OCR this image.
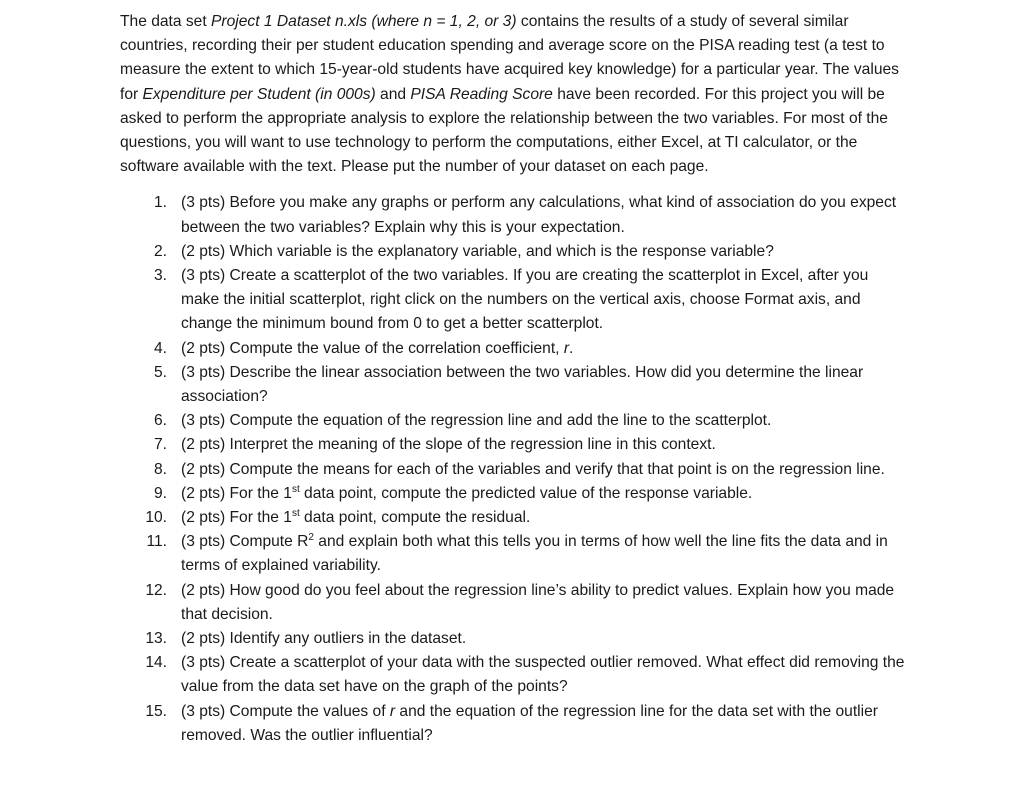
The data set Project 1 Dataset n.xls (where n = 1, 2, or 3) contains the results of a study of several similar countries, recording their per student education spending and average score on the PISA reading test (a test to measure the extent to which 15-year-old students have acquired key knowledge) for a particular year. The values for Expenditure per Student (in 000s) and PISA Reading Score have been recorded. For this project you will be asked to perform the appropriate analysis to explore the relationship between the two variables. For most of the questions, you will want to use technology to perform the computations, either Excel, at TI calculator, or the software available with the text. Please put the number of your dataset on each page.

1. (3 pts) Before you make any graphs or perform any calculations, what kind of association do you expect between the two variables? Explain why this is your expectation.
2. (2 pts) Which variable is the explanatory variable, and which is the response variable?
3. (3 pts) Create a scatterplot of the two variables. If you are creating the scatterplot in Excel, after you make the initial scatterplot, right click on the numbers on the vertical axis, choose Format axis, and change the minimum bound from 0 to get a better scatterplot.
4. (2 pts) Compute the value of the correlation coefficient, r.
5. (3 pts) Describe the linear association between the two variables. How did you determine the linear association?
6. (3 pts) Compute the equation of the regression line and add the line to the scatterplot.
7. (2 pts) Interpret the meaning of the slope of the regression line in this context.
8. (2 pts) Compute the means for each of the variables and verify that that point is on the regression line.
9. (2 pts) For the 1st data point, compute the predicted value of the response variable.
10. (2 pts) For the 1st data point, compute the residual.
11. (3 pts) Compute $R^2$ and explain both what this tells you in terms of how well the line fits the data and in terms of explained variability.
12. (2 pts) How good do you feel about the regression line’s ability to predict values. Explain how you made that decision.
13. (2 pts) Identify any outliers in the dataset.
14. (3 pts) Create a scatterplot of your data with the suspected outlier removed. What effect did removing the value from the data set have on the graph of the points?
15. (3 pts) Compute the values of r and the equation of the regression line for the data set with the outlier removed. Was the outlier influential?
